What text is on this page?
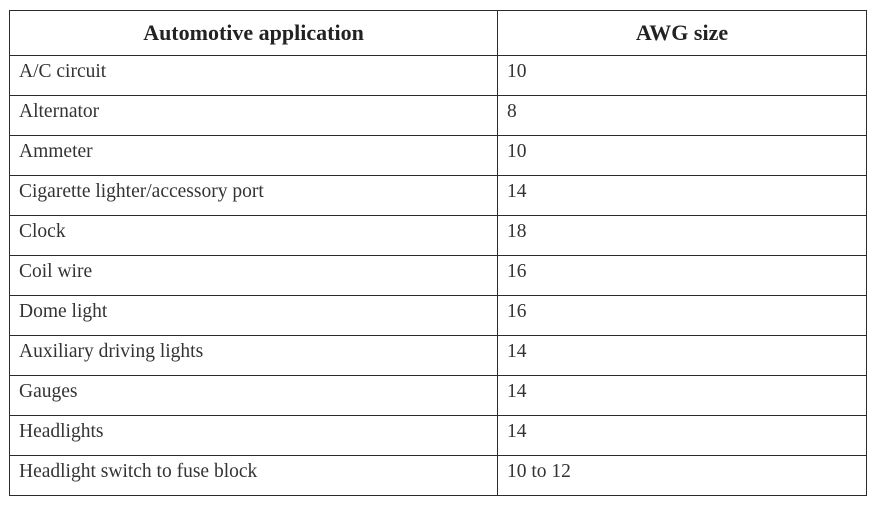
Automotive application	AWG size
A/C circuit	10
Alternator	8
Ammeter	10
Cigarette lighter/accessory port	14
Clock	18
Coil wire	16
Dome light	16
Auxiliary driving lights	14
Gauges	14
Headlights	14
Headlight switch to fuse block	10 to 12
